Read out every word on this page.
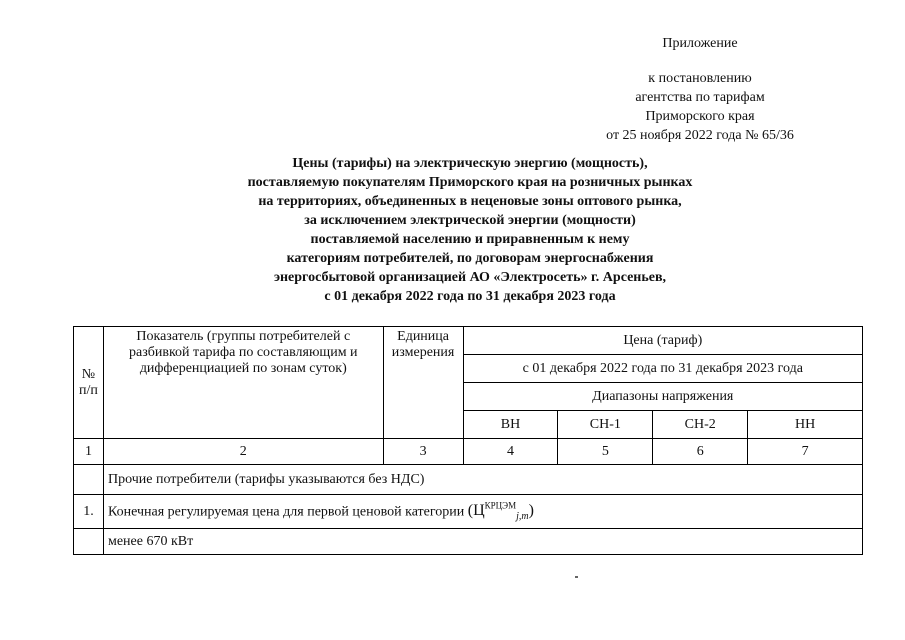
Приложение
к постановлению
агентства по тарифам
Приморского края
от 25 ноября 2022 года № 65/36
Цены (тарифы) на электрическую энергию (мощность),
поставляемую покупателям Приморского края на розничных рынках
на территориях, объединенных в неценовые зоны оптового рынка,
за исключением электрической энергии (мощности)
поставляемой населению и приравненным к нему
категориям потребителей, по договорам энергоснабжения
энергосбытовой организацией АО «Электросеть» г. Арсеньев,
с 01 декабря 2022 года по 31 декабря 2023 года
№ п/п	Показатель (группы потребителей с разбивкой тарифа по составляющим и дифференциацией по зонам суток)	Единица измерения	Цена (тариф)			
			с 01 декабря 2022 года по 31 декабря 2023 года			
			Диапазоны напряжения			
			ВН	СН-1	СН-2	НН
1	2	3	4	5	6	7
	Прочие потребители (тарифы указываются без НДС)					
1.	Конечная регулируемая цена для первой ценовой категории $(Ц^{КРЦЭМ}_{j,m})$					
	менее 670 кВт					
